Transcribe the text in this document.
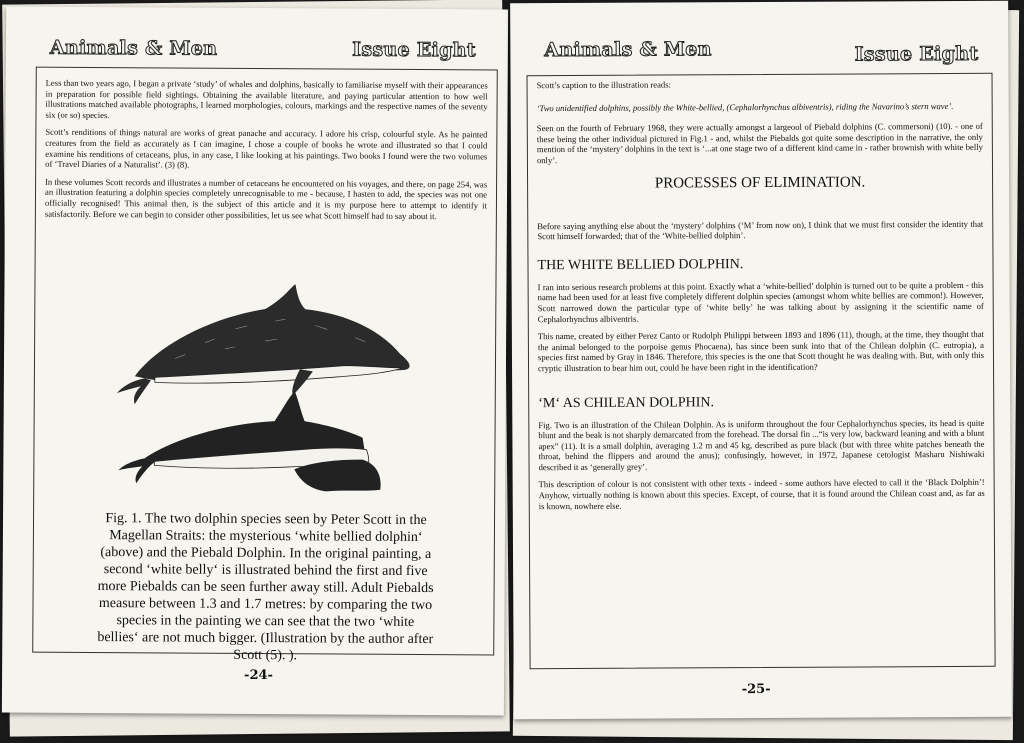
Animals & Men	Issue Eight

Less than two years ago, I began a private ‘study’ of whales and dolphins, basically to familiarise myself with their appearances in preparation for possible field sightings. Obtaining the available literature, and paying particular attention to how well illustrations matched available photographs, I learned morphologies, colours, markings and the respective names of the seventy six (or so) species.

Scott’s renditions of things natural are works of great panache and accuracy. I adore his crisp, colourful style. As he painted creatures from the field as accurately as I can imagine, I chose a couple of books he wrote and illustrated so that I could examine his renditions of cetaceans, plus, in any case, I like looking at his paintings. Two books I found were the two volumes of ‘Travel Diaries of a Naturalist’. (3) (8).

In these volumes Scott records and illustrates a number of cetaceans he encountered on his voyages, and there, on page 254, was an illustration featuring a dolphin species completely unrecognisable to me - because, I hasten to add, the species was not one officially recognised! This animal then, is the subject of this article and it is my purpose here to attempt to identify it satisfactorily. Before we can begin to consider other possibilities, let us see what Scott himself had to say about it.

Fig. 1. The two dolphin species seen by Peter Scott in the Magellan Straits: the mysterious ‘white bellied dolphin‘ (above) and the Piebald Dolphin. In the original painting, a second ‘white belly‘ is illustrated behind the first and five more Piebalds can be seen further away still. Adult Piebalds measure between 1.3 and 1.7 metres: by comparing the two species in the painting we can see that the two ‘white bellies‘ are not much bigger. (Illustration by the author after Scott (5). ).
-24-
Animals & Men	Issue Eight

Scott’s caption to the illustration reads:

‘Two unidentified dolphins, possibly the White-bellied, (Cephalorhynchus albiventris), riding the Navarino’s stern wave’.

Seen on the fourth of February 1968, they were actually amongst a largeool of Piebald dolphins (C. commersoni) (10). - one of these being the other individual pictured in Fig.1 - and, whilst the Piebalds got quite some description in the narrative, the only mention of the ‘mystery’ dolphins in the text is ‘...at one stage two of a different kind came in - rather brownish with white belly only’.

PROCESSES OF ELIMINATION.

Before saying anything else about the ‘mystery’ dolphins (‘M’ from now on), I think that we must first consider the identity that Scott himself forwarded; that of the ‘White-bellied dolphin’.

THE WHITE BELLIED DOLPHIN.

I ran into serious research problems at this point. Exactly what a ‘white-bellied’ dolphin is turned out to be quite a problem - this name had been used for at least five completely different dolphin species (amongst whom white bellies are common!). However, Scott narrowed down the particular type of ‘white belly’ he was talking about by assigning it the scientific name of Cephalorhynchus albiventris.

This name, created by either Perez Canto or Rudolph Philippi between 1893 and 1896 (11), though, at the time, they thought that the animal belonged to the porpoise genus Phocaena), has since been sunk into that of the Chilean dolphin (C. eutropia), a species first named by Gray in 1846. Therefore, this species is the one that Scott thought he was dealing with. But, with only this cryptic illustration to bear him out, could he have been right in the identification?

‘M‘ AS CHILEAN DOLPHIN.

Fig. Two is an illustration of the Chilean Dolphin. As is uniform throughout the four Cephalorhynchus species, its head is quite blunt and the beak is not sharply demarcated from the forehead. The dorsal fin ...“is very low, backward leaning and with a blunt apex” (11). It is a small dolphin, averaging 1.2 m and 45 kg, described as pure black (but with three white patches beneath the throat, behind the flippers and around the anus); confusingly, however, in 1972, Japanese cetologist Masharu Nishiwaki described it as ‘generally grey’.

This description of colour is not consistent with other texts - indeed - some authors have elected to call it the ‘Black Dolphin’! Anyhow, virtually nothing is known about this species. Except, of course, that it is found around the Chilean coast and, as far as is known, nowhere else.

-25-
